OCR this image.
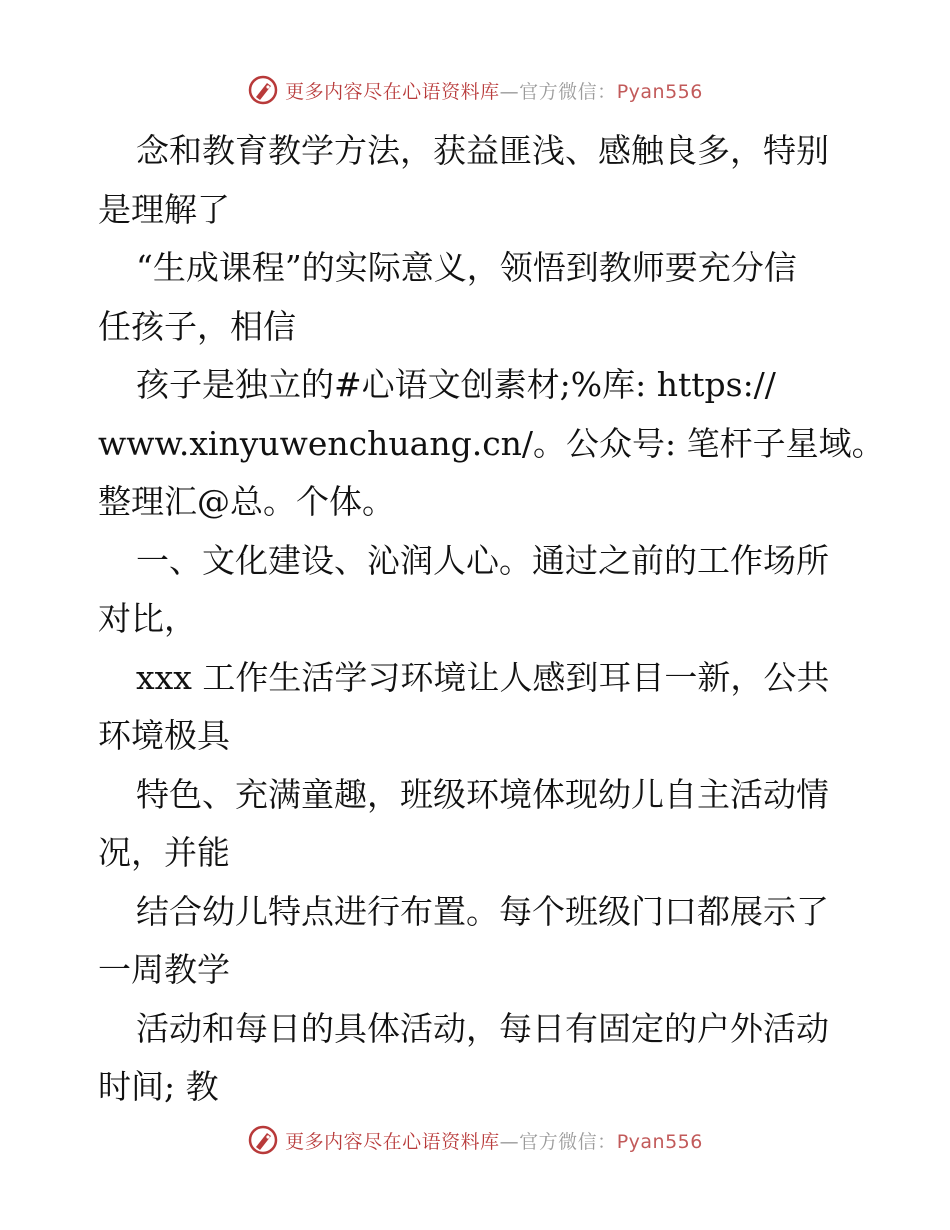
更多内容尽在心语资料库—官方微信：Pyan556
念和教育教学方法，获益匪浅、感触良多，特别
是理解了
“生成课程”的实际意义，领悟到教师要充分信
任孩子，相信
孩子是独立的#心语文创素材;%库: https://
www.xinyuwenchuang.cn/。公众号: 笔杆子星域。
整理汇@总。个体。
一、文化建设、沁润人心。通过之前的工作场所
对比，
xxx 工作生活学习环境让人感到耳目一新，公共
环境极具
特色、充满童趣，班级环境体现幼儿自主活动情
况，并能
结合幼儿特点进行布置。每个班级门口都展示了
一周教学
活动和每日的具体活动，每日有固定的户外活动
时间; 教
更多内容尽在心语资料库—官方微信：Pyan556
